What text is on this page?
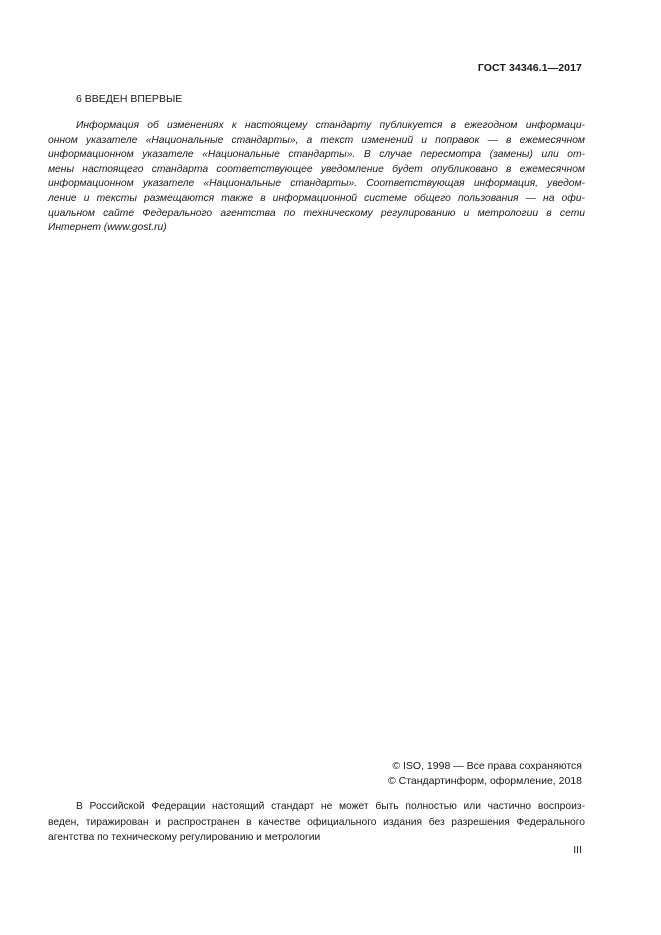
ГОСТ 34346.1—2017
6 ВВЕДЕН ВПЕРВЫЕ
Информация об изменениях к настоящему стандарту публикуется в ежегодном информаци-
онном указателе «Национальные стандарты», а текст изменений и поправок — в ежемесячном
информационном указателе «Национальные стандарты». В случае пересмотра (замены) или от-
мены настоящего стандарта соответствующее уведомление будет опубликовано в ежемесячном
информационном указателе «Национальные стандарты». Соответствующая информация, уведом-
ление и тексты размещаются также в информационной системе общего пользования — на офи-
циальном сайте Федерального агентства по техническому регулированию и метрологии в сети
Интернет (www.gost.ru)
© ISO, 1998 — Все права сохраняются
© Стандартинформ, оформление, 2018
В Российской Федерации настоящий стандарт не может быть полностью или частично воспроиз-
веден, тиражирован и распространен в качестве официального издания без разрешения Федерального
агентства по техническому регулированию и метрологии
III
